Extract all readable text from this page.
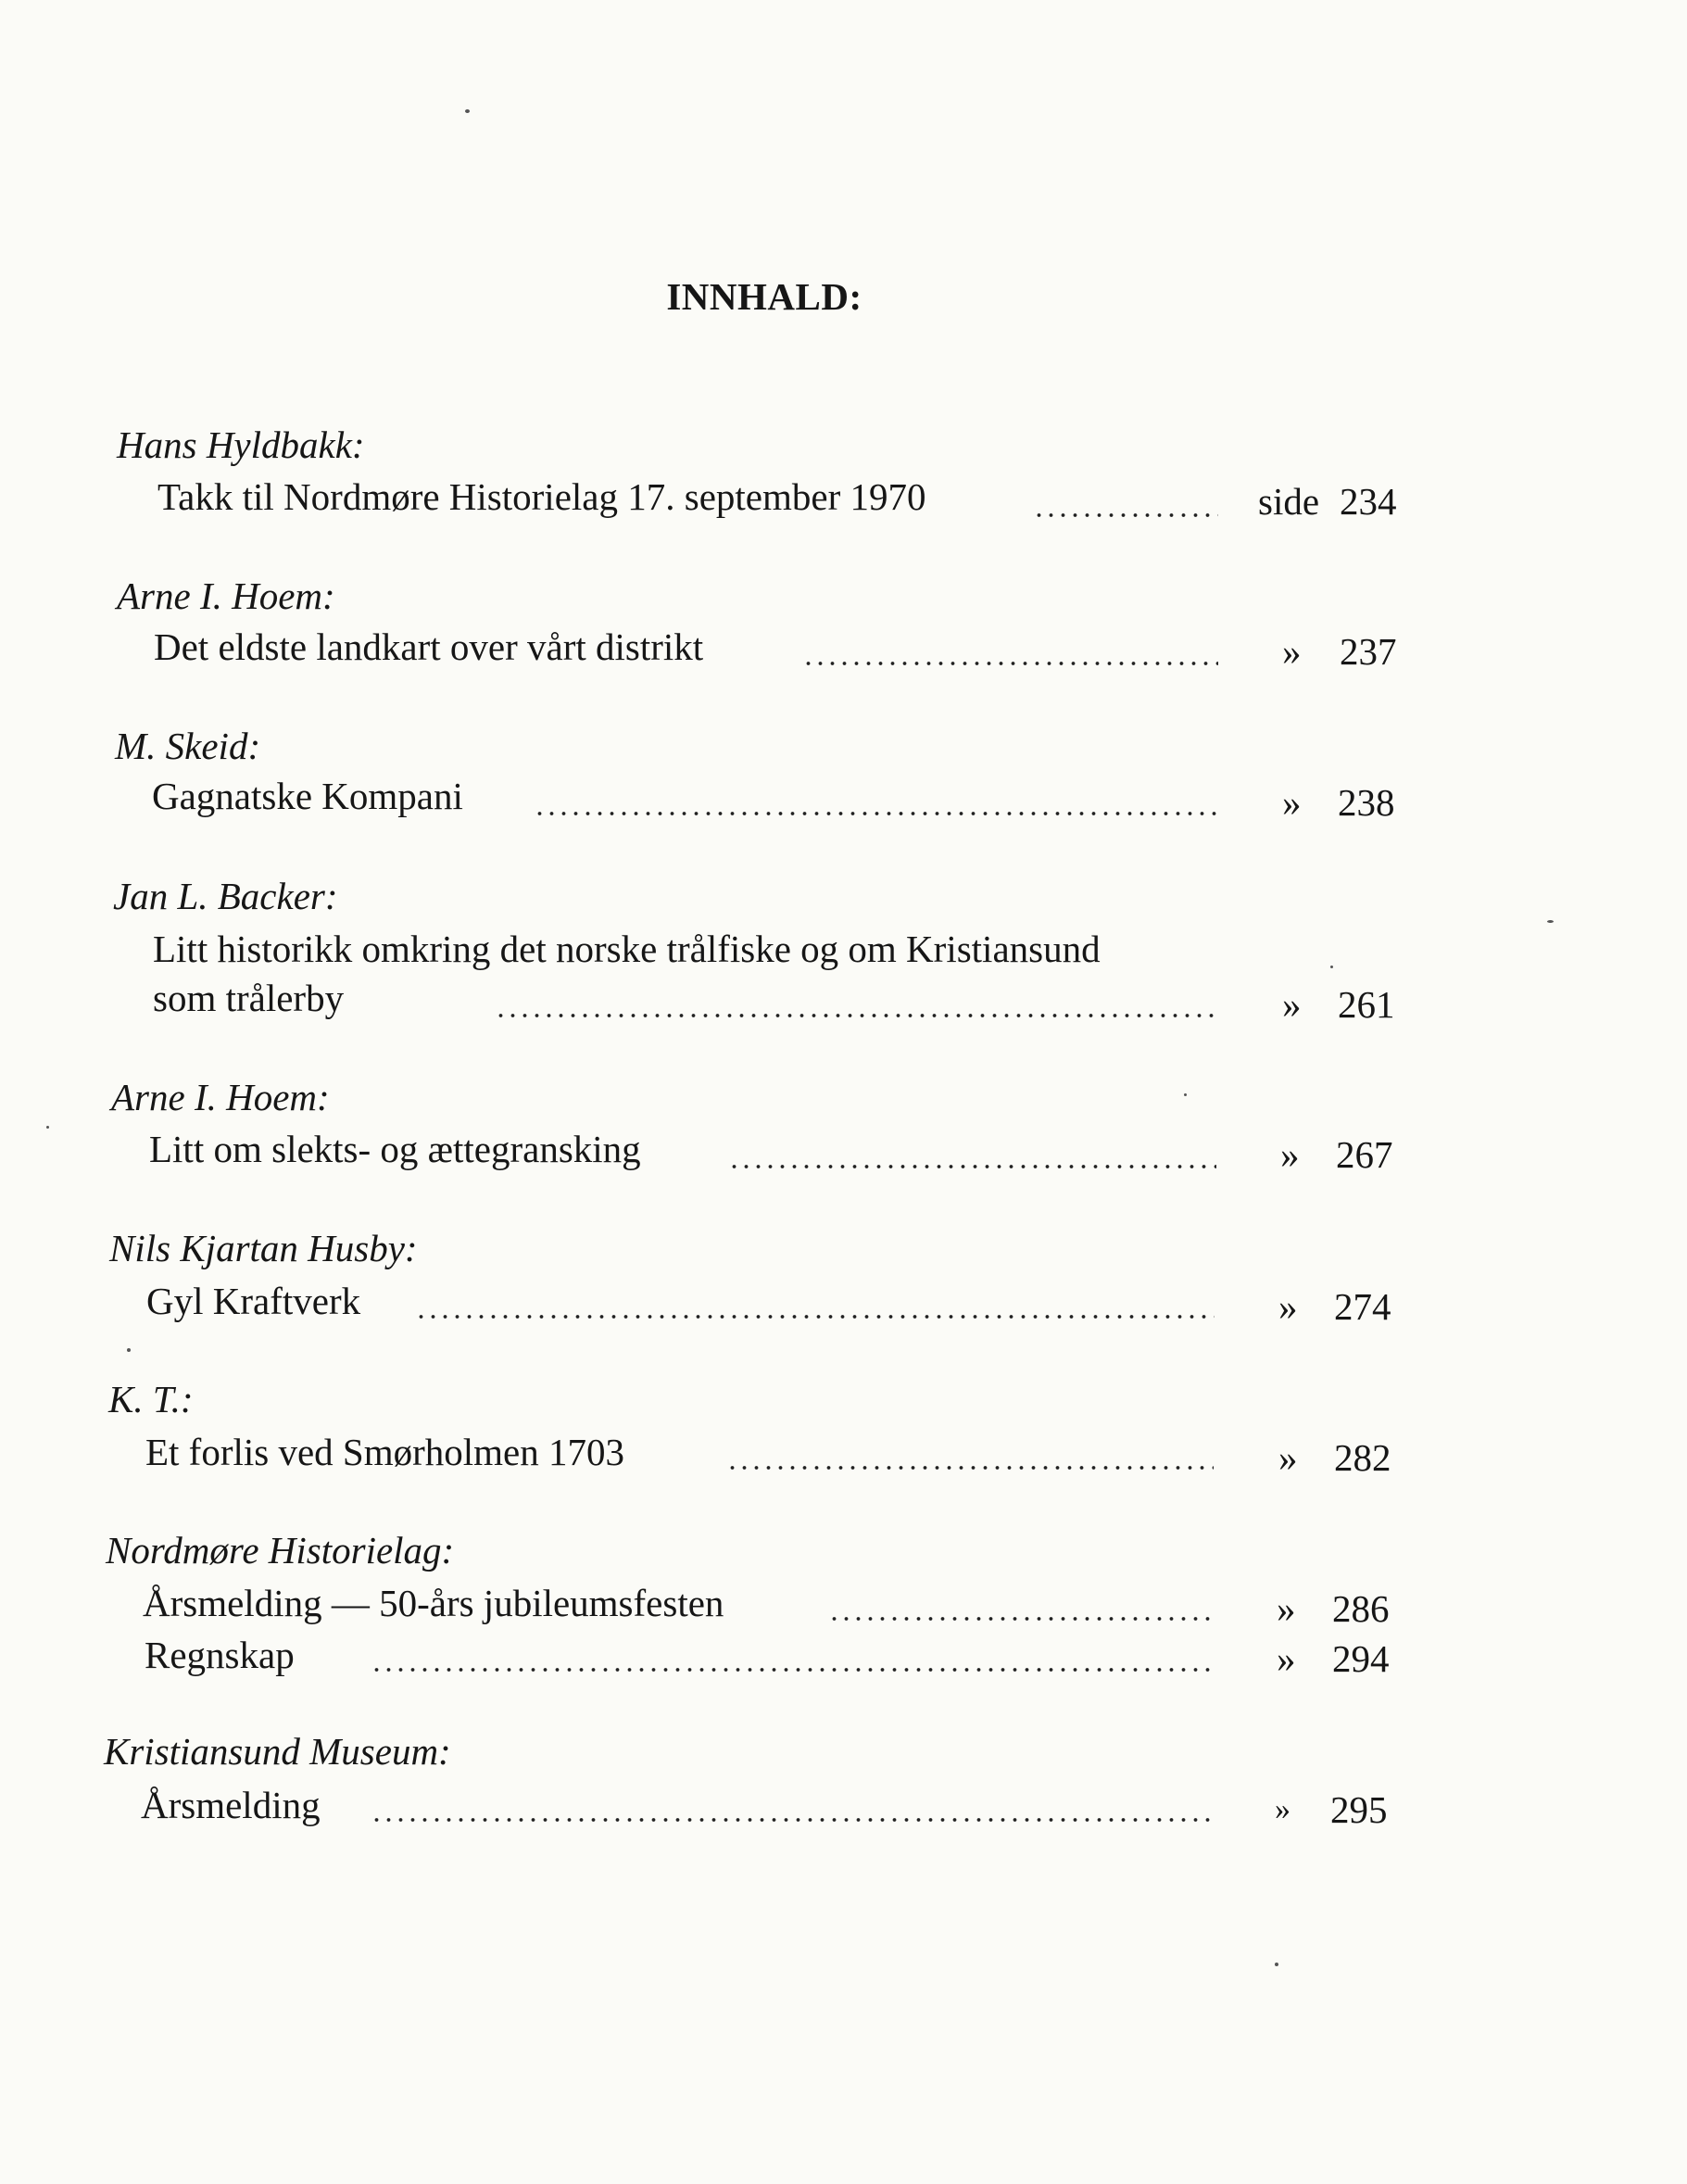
INNHALD:
Hans Hyldbakk:
Takk til Nordmøre Historielag 17. september 1970	side 234
Arne I. Hoem:
Det eldste landkart over vårt distrikt	» 237
M. Skeid:
Gagnatske Kompani	» 238
Jan L. Backer:
Litt historikk omkring det norske trålfiske og om Kristiansund
som trålerby	» 261
Arne I. Hoem:
Litt om slekts- og ættegransking	» 267
Nils Kjartan Husby:
Gyl Kraftverk	» 274
K. T.:
Et forlis ved Smørholmen 1703	» 282
Nordmøre Historielag:
Årsmelding — 50-års jubileumsfesten	» 286
Regnskap	» 294
Kristiansund Museum:
Årsmelding	» 295
